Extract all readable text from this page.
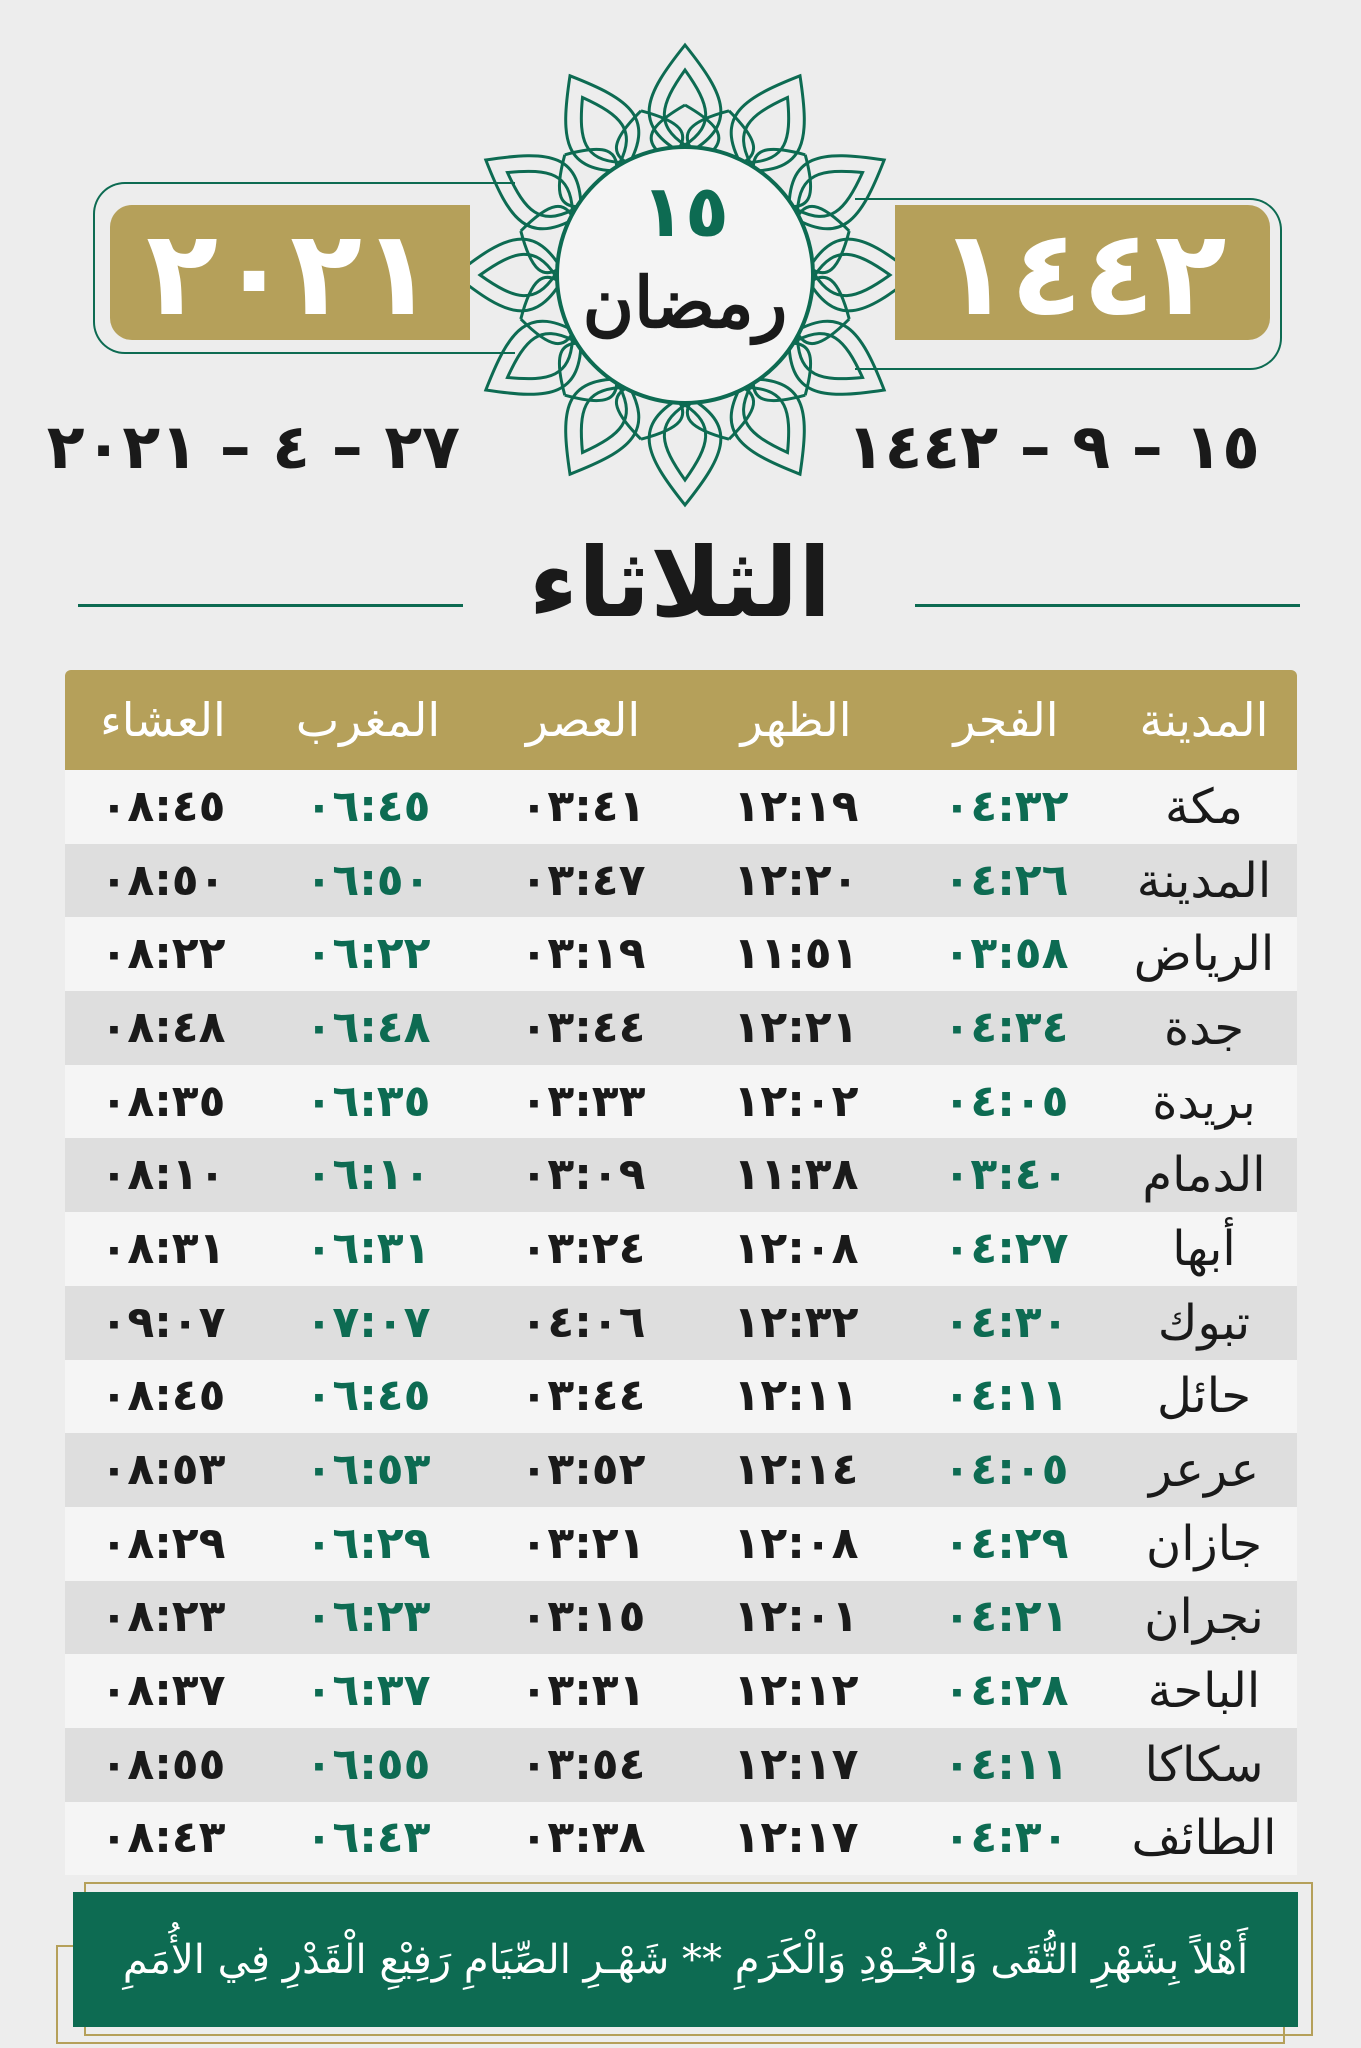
٢٠٢١	١٤٤٢
١٥
رمضان
٢٧ – ٤ – ٢٠٢١	١٥ – ٩ – ١٤٤٢
الثلاثاء
المدينة
الفجر
الظهر
العصر
المغرب
العشاء
مكة
٠٤:٣٢
١٢:١٩
٠٣:٤١
٠٦:٤٥
٠٨:٤٥
المدينة
٠٤:٢٦
١٢:٢٠
٠٣:٤٧
٠٦:٥٠
٠٨:٥٠
الرياض
٠٣:٥٨
١١:٥١
٠٣:١٩
٠٦:٢٢
٠٨:٢٢
جدة
٠٤:٣٤
١٢:٢١
٠٣:٤٤
٠٦:٤٨
٠٨:٤٨
بريدة
٠٤:٠٥
١٢:٠٢
٠٣:٣٣
٠٦:٣٥
٠٨:٣٥
الدمام
٠٣:٤٠
١١:٣٨
٠٣:٠٩
٠٦:١٠
٠٨:١٠
أبها
٠٤:٢٧
١٢:٠٨
٠٣:٢٤
٠٦:٣١
٠٨:٣١
تبوك
٠٤:٣٠
١٢:٣٢
٠٤:٠٦
٠٧:٠٧
٠٩:٠٧
حائل
٠٤:١١
١٢:١١
٠٣:٤٤
٠٦:٤٥
٠٨:٤٥
عرعر
٠٤:٠٥
١٢:١٤
٠٣:٥٢
٠٦:٥٣
٠٨:٥٣
جازان
٠٤:٢٩
١٢:٠٨
٠٣:٢١
٠٦:٢٩
٠٨:٢٩
نجران
٠٤:٢١
١٢:٠١
٠٣:١٥
٠٦:٢٣
٠٨:٢٣
الباحة
٠٤:٢٨
١٢:١٢
٠٣:٣١
٠٦:٣٧
٠٨:٣٧
سكاكا
٠٤:١١
١٢:١٧
٠٣:٥٤
٠٦:٥٥
٠٨:٥٥
الطائف
٠٤:٣٠
١٢:١٧
٠٣:٣٨
٠٦:٤٣
٠٨:٤٣
أَهْلاً بِشَهْرِ التُّقَى وَالْجُـوْدِ وَالْكَرَمِ ** شَهْـرِ الصِّيَامِ رَفِيْعِ الْقَدْرِ فِي الأُمَمِ
